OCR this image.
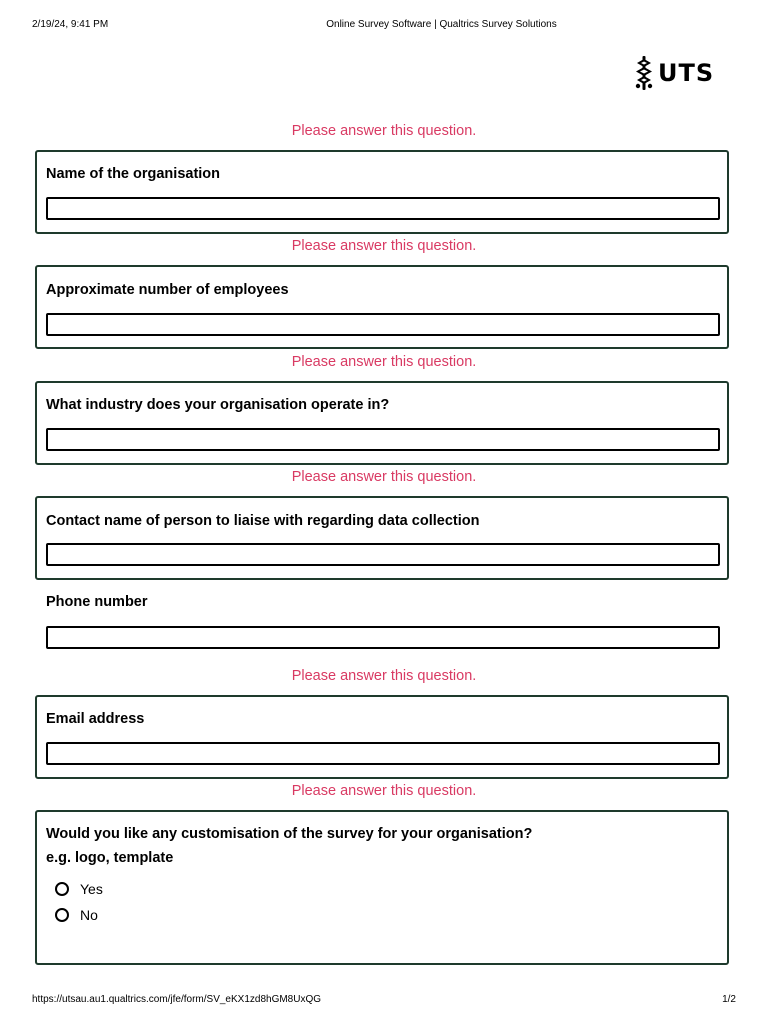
2/19/24, 9:41 PM	Online Survey Software | Qualtrics Survey Solutions
UTS
Please answer this question.
Name of the organisation
Please answer this question.
Approximate number of employees
Please answer this question.
What industry does your organisation operate in?
Please answer this question.
Contact name of person to liaise with regarding data collection
Phone number
Please answer this question.
Email address
Please answer this question.
Would you like any customisation of the survey for your organisation?
e.g. logo, template
Yes
No
https://utsau.au1.qualtrics.com/jfe/form/SV_eKX1zd8hGM8UxQG	1/2
